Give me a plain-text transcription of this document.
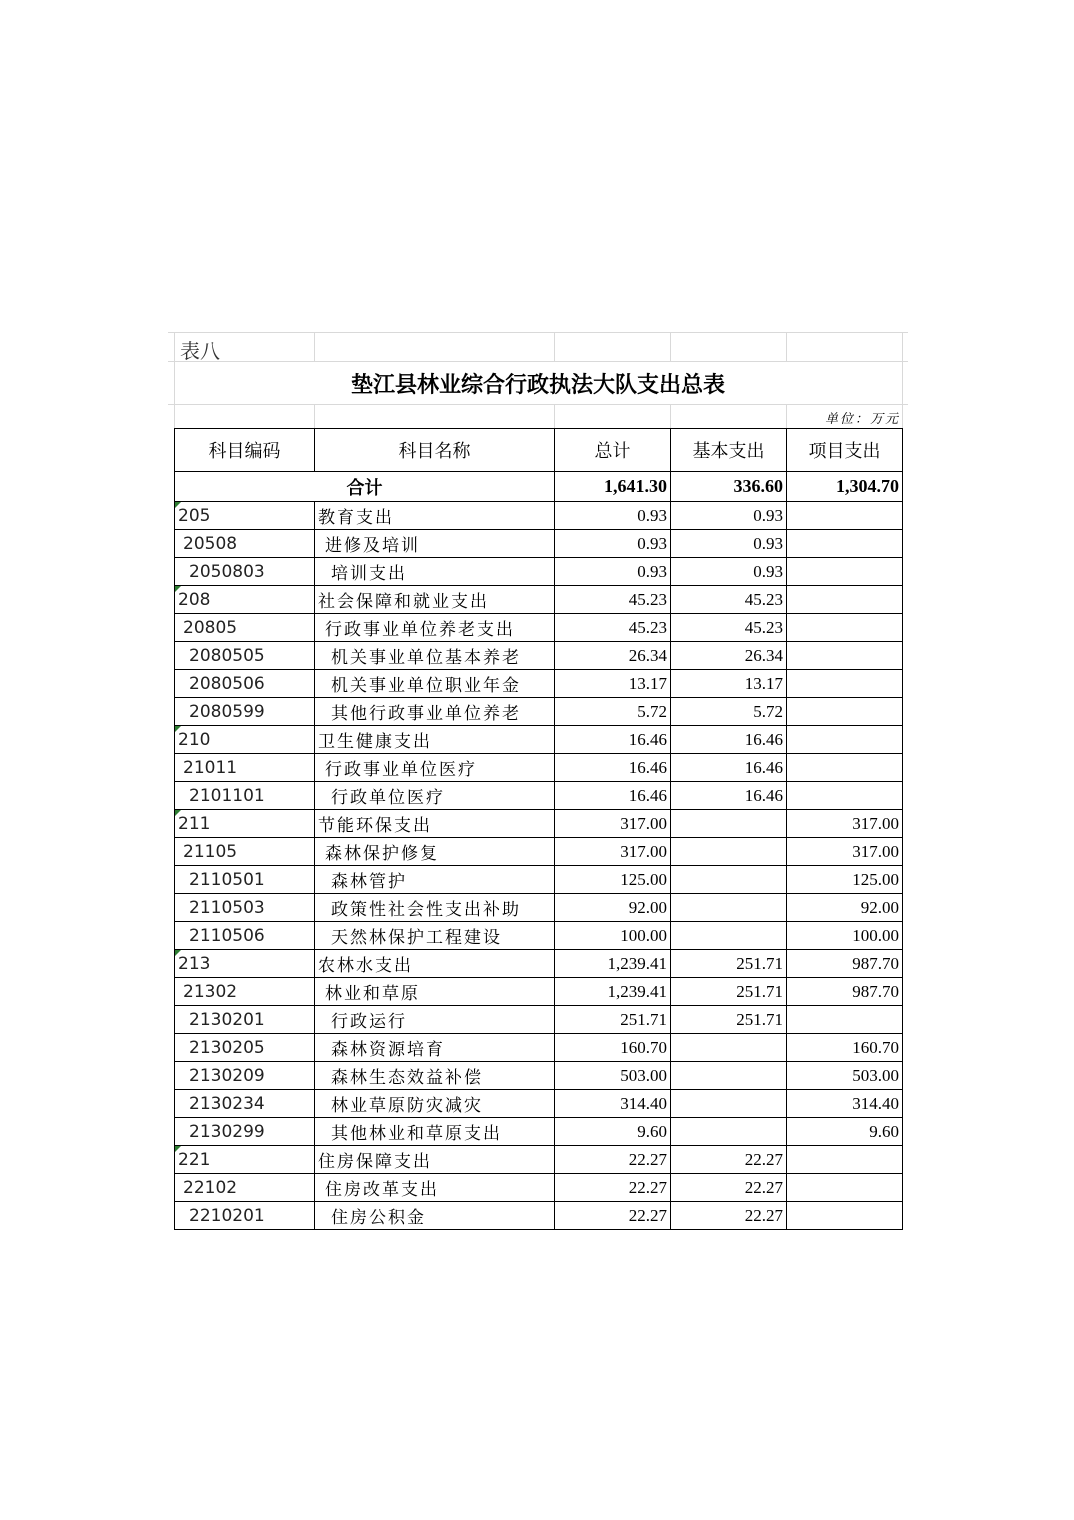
表八
垫江县林业综合行政执法大队支出总表
单位：万元
科目编码	科目名称	总计	基本支出	项目支出
合计		1,641.30	336.60	1,304.70
205	教育支出	0.93	0.93	
20508	进修及培训	0.93	0.93	
2050803	培训支出	0.93	0.93	
208	社会保障和就业支出	45.23	45.23	
20805	行政事业单位养老支出	45.23	45.23	
2080505	机关事业单位基本养老	26.34	26.34	
2080506	机关事业单位职业年金	13.17	13.17	
2080599	其他行政事业单位养老	5.72	5.72	
210	卫生健康支出	16.46	16.46	
21011	行政事业单位医疗	16.46	16.46	
2101101	行政单位医疗	16.46	16.46	
211	节能环保支出	317.00		317.00
21105	森林保护修复	317.00		317.00
2110501	森林管护	125.00		125.00
2110503	政策性社会性支出补助	92.00		92.00
2110506	天然林保护工程建设	100.00		100.00
213	农林水支出	1,239.41	251.71	987.70
21302	林业和草原	1,239.41	251.71	987.70
2130201	行政运行	251.71	251.71	
2130205	森林资源培育	160.70		160.70
2130209	森林生态效益补偿	503.00		503.00
2130234	林业草原防灾减灾	314.40		314.40
2130299	其他林业和草原支出	9.60		9.60
221	住房保障支出	22.27	22.27	
22102	住房改革支出	22.27	22.27	
2210201	住房公积金	22.27	22.27	
